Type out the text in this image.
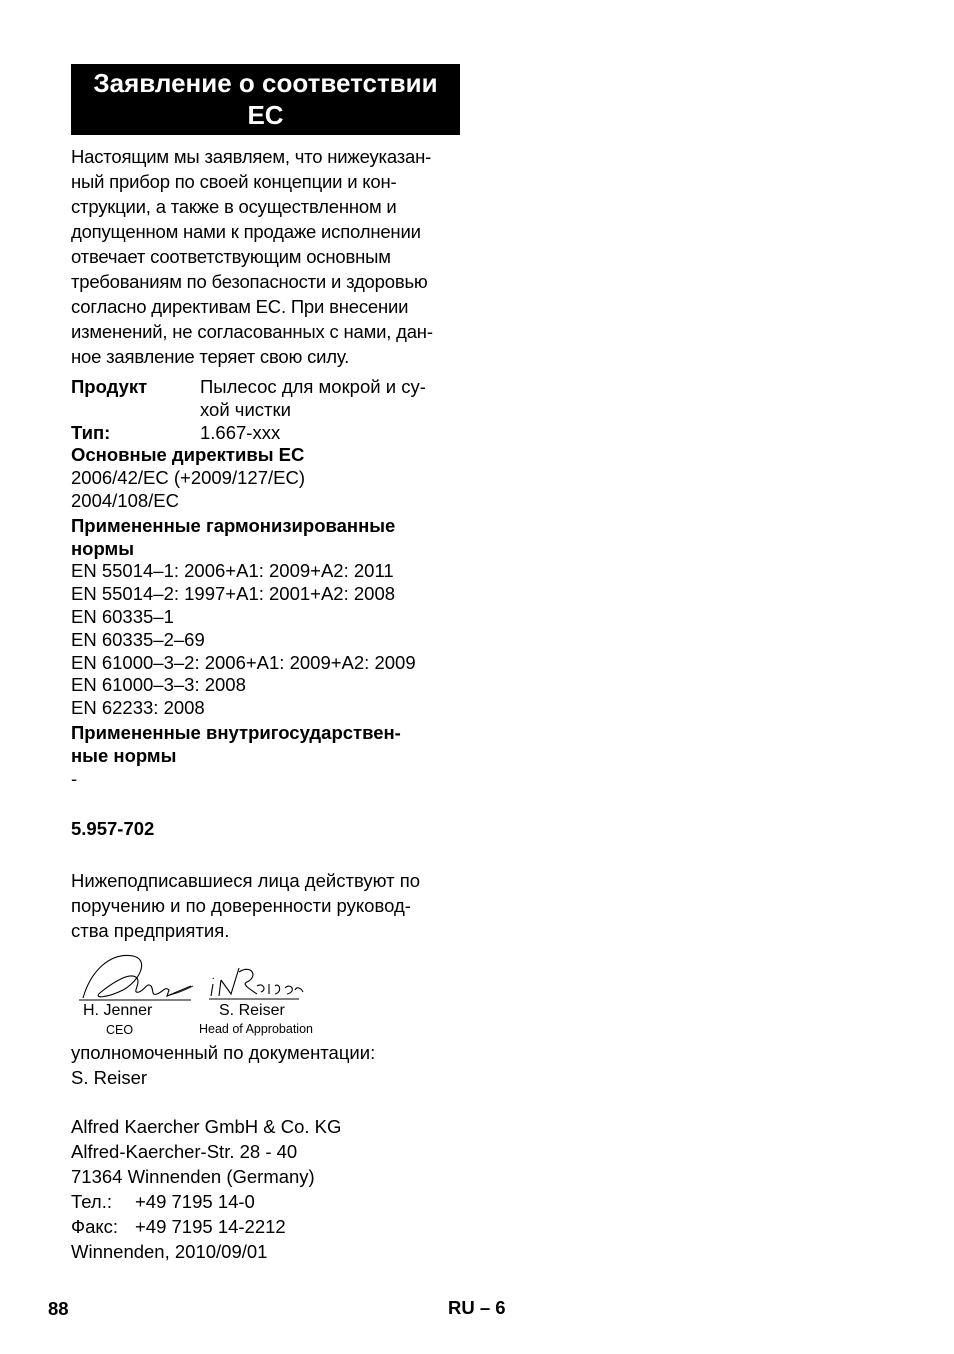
Заявление о соответствии
ЕС
Настоящим мы заявляем, что нижеуказан-
ный прибор по своей концепции и кон-
струкции, а также в осуществленном и
допущенном нами к продаже исполнении
отвечает соответствующим основным
требованиям по безопасности и здоровью
согласно директивам ЕС. При внесении
изменений, не согласованных с нами, дан-
ное заявление теряет свою силу.
Продукт	Пылесос для мокрой и су-
хой чистки
Тип:	1.667-xxx
Основные директивы ЕС
2006/42/EC (+2009/127/EC)
2004/108/EC
Примененные гармонизированные
нормы
EN 55014–1: 2006+A1: 2009+A2: 2011
EN 55014–2: 1997+A1: 2001+A2: 2008
EN 60335–1
EN 60335–2–69
EN 61000–3–2: 2006+A1: 2009+A2: 2009
EN 61000–3–3: 2008
EN 62233: 2008
Примененные внутригосударствен-
ные нормы
-
5.957-702
Нижеподписавшиеся лица действуют по
поручению и по доверенности руковод-
ства предприятия.
H. Jenner
CEO
S. Reiser
Head of Approbation
уполномоченный по документации:
S. Reiser
Alfred Kaercher GmbH & Co. KG
Alfred-Kaercher-Str. 28 - 40
71364 Winnenden (Germany)
Тел.:	+49 7195 14-0
Факс: +49 7195 14-2212
Winnenden, 2010/09/01
88	RU – 6
